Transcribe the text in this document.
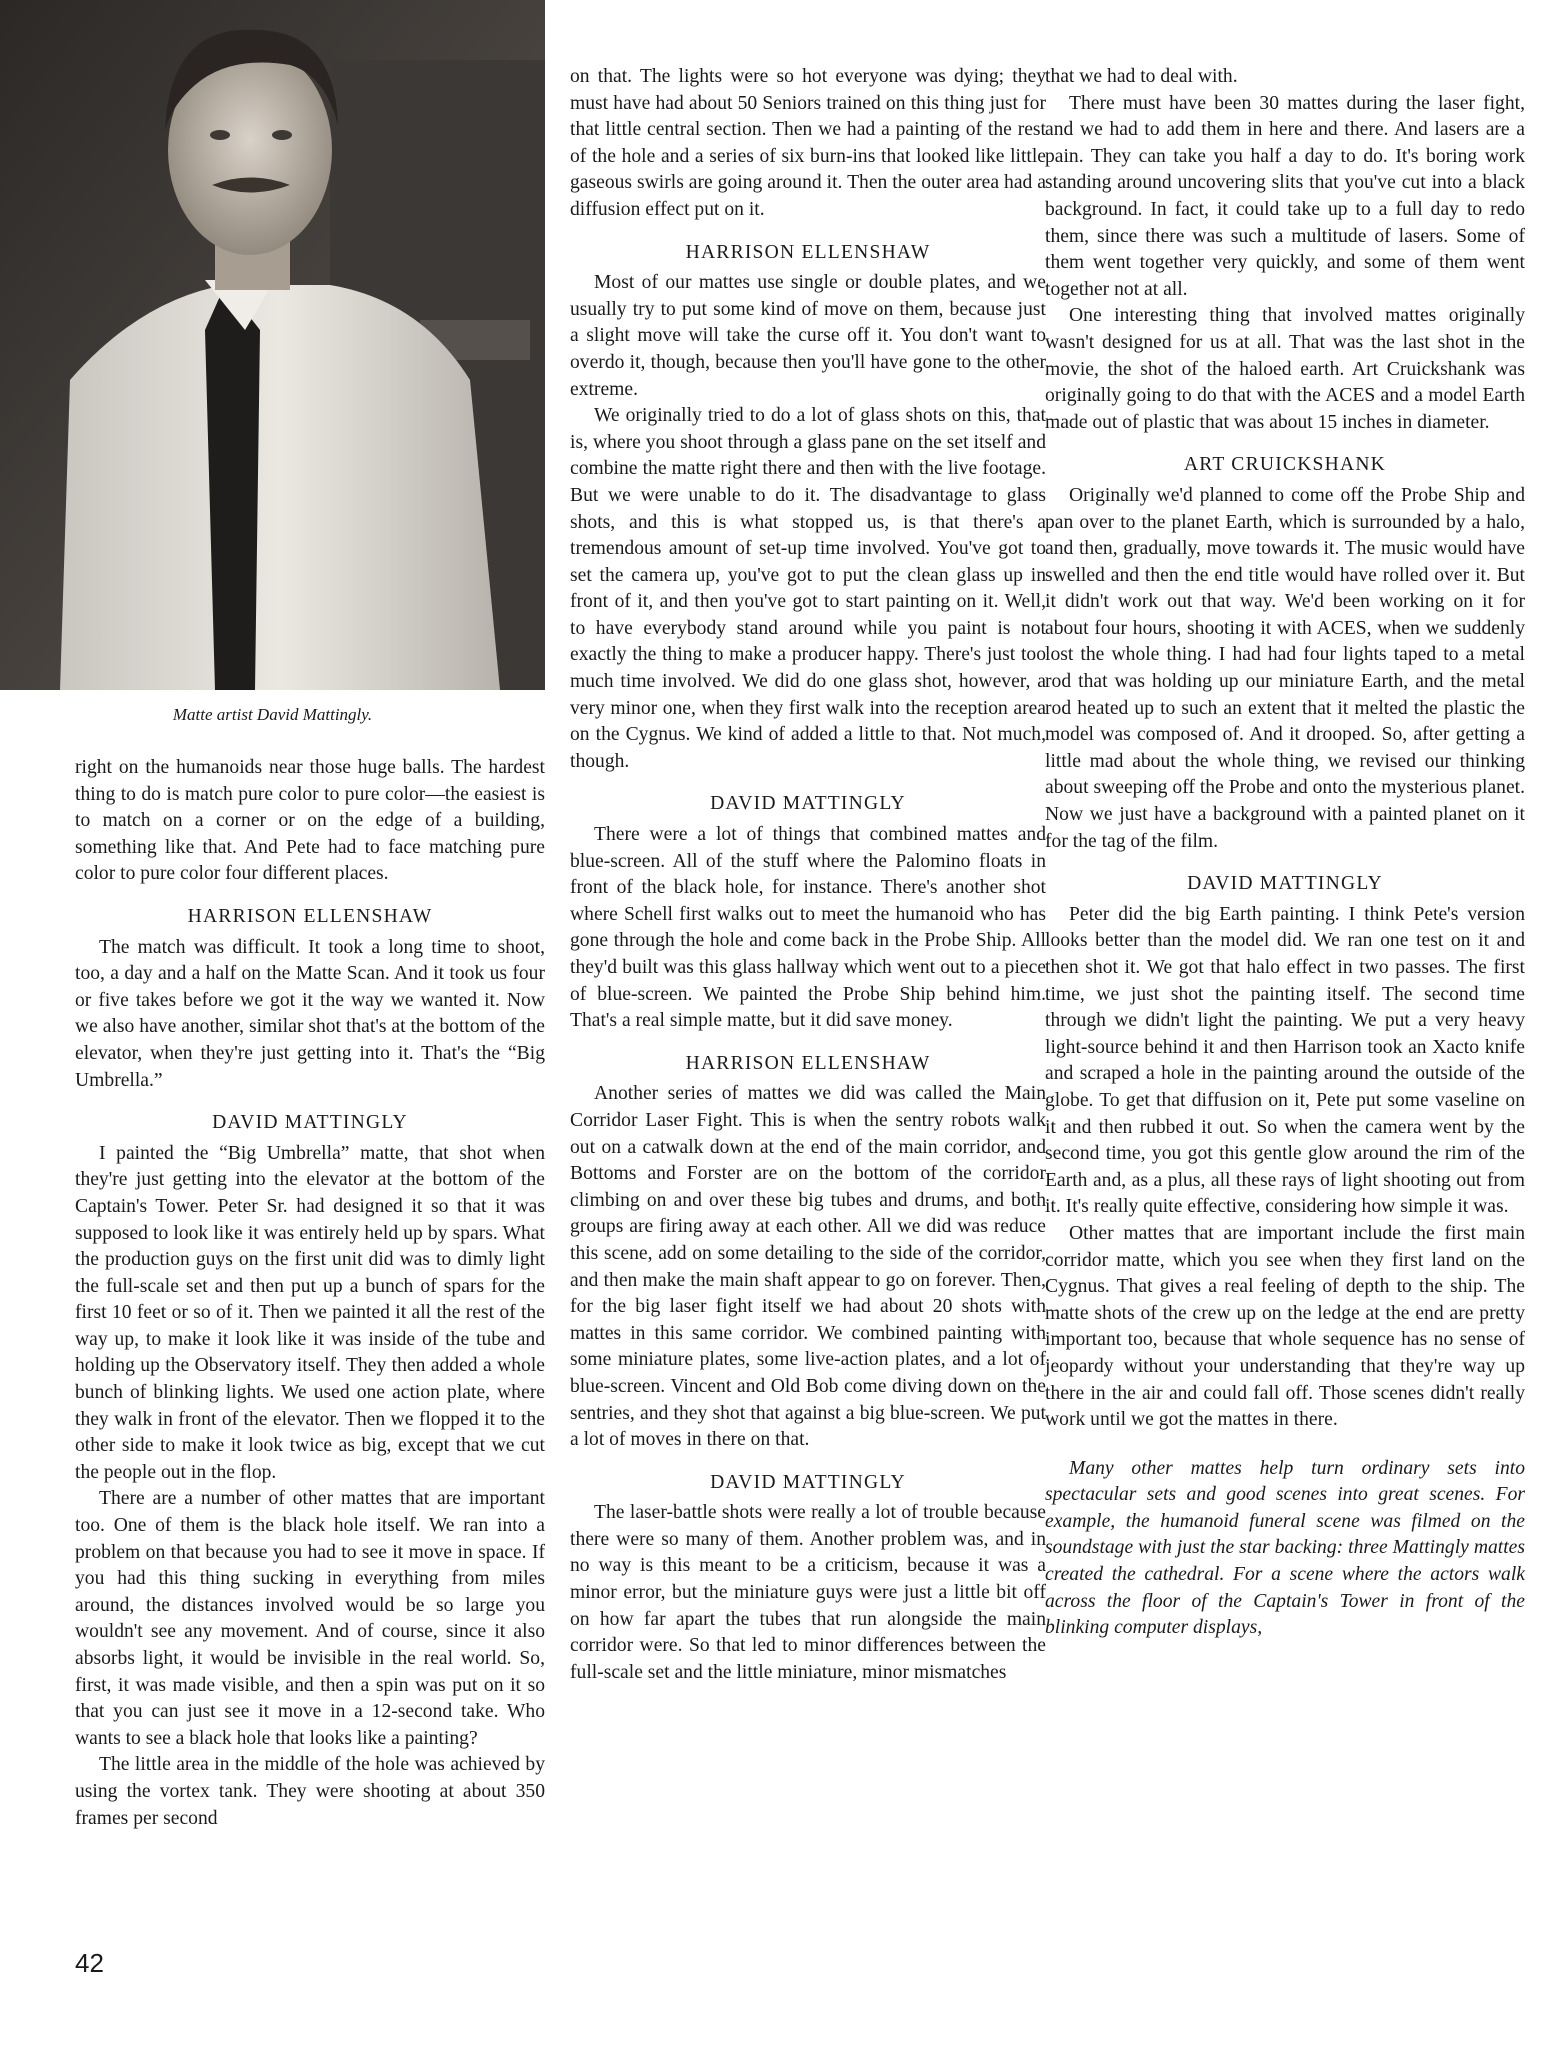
Matte artist David Mattingly.

right on the humanoids near those huge balls. The hardest thing to do is match pure color to pure color—the easiest is to match on a corner or on the edge of a building, something like that. And Pete had to face matching pure color to pure color four different places.

HARRISON ELLENSHAW

The match was difficult. It took a long time to shoot, too, a day and a half on the Matte Scan. And it took us four or five takes before we got it the way we wanted it. Now we also have another, similar shot that's at the bottom of the elevator, when they're just getting into it. That's the “Big Umbrella.”

DAVID MATTINGLY

I painted the “Big Umbrella” matte, that shot when they're just getting into the elevator at the bottom of the Captain's Tower. Peter Sr. had designed it so that it was supposed to look like it was entirely held up by spars. What the production guys on the first unit did was to dimly light the full-scale set and then put up a bunch of spars for the first 10 feet or so of it. Then we painted it all the rest of the way up, to make it look like it was inside of the tube and holding up the Observatory itself. They then added a whole bunch of blinking lights. We used one action plate, where they walk in front of the elevator. Then we flopped it to the other side to make it look twice as big, except that we cut the people out in the flop.

There are a number of other mattes that are important too. One of them is the black hole itself. We ran into a problem on that because you had to see it move in space. If you had this thing sucking in everything from miles around, the distances involved would be so large you wouldn't see any movement. And of course, since it also absorbs light, it would be invisible in the real world. So, first, it was made visible, and then a spin was put on it so that you can just see it move in a 12-second take. Who wants to see a black hole that looks like a painting?

The little area in the middle of the hole was achieved by using the vortex tank. They were shooting at about 350 frames per second

on that. The lights were so hot everyone was dying; they must have had about 50 Seniors trained on this thing just for that little central section. Then we had a painting of the rest of the hole and a series of six burn-ins that looked like little gaseous swirls are going around it. Then the outer area had a diffusion effect put on it.

HARRISON ELLENSHAW

Most of our mattes use single or double plates, and we usually try to put some kind of move on them, because just a slight move will take the curse off it. You don't want to overdo it, though, because then you'll have gone to the other extreme.

We originally tried to do a lot of glass shots on this, that is, where you shoot through a glass pane on the set itself and combine the matte right there and then with the live footage. But we were unable to do it. The disadvantage to glass shots, and this is what stopped us, is that there's a tremendous amount of set-up time involved. You've got to set the camera up, you've got to put the clean glass up in front of it, and then you've got to start painting on it. Well, to have everybody stand around while you paint is not exactly the thing to make a producer happy. There's just too much time involved. We did do one glass shot, however, a very minor one, when they first walk into the reception area on the Cygnus. We kind of added a little to that. Not much, though.

DAVID MATTINGLY

There were a lot of things that combined mattes and blue-screen. All of the stuff where the Palomino floats in front of the black hole, for instance. There's another shot where Schell first walks out to meet the humanoid who has gone through the hole and come back in the Probe Ship. All they'd built was this glass hallway which went out to a piece of blue-screen. We painted the Probe Ship behind him. That's a real simple matte, but it did save money.

HARRISON ELLENSHAW

Another series of mattes we did was called the Main Corridor Laser Fight. This is when the sentry robots walk out on a catwalk down at the end of the main corridor, and Bottoms and Forster are on the bottom of the corridor climbing on and over these big tubes and drums, and both groups are firing away at each other. All we did was reduce this scene, add on some detailing to the side of the corridor, and then make the main shaft appear to go on forever. Then, for the big laser fight itself we had about 20 shots with mattes in this same corridor. We combined painting with some miniature plates, some live-action plates, and a lot of blue-screen. Vincent and Old Bob come diving down on the sentries, and they shot that against a big blue-screen. We put a lot of moves in there on that.

DAVID MATTINGLY

The laser-battle shots were really a lot of trouble because there were so many of them. Another problem was, and in no way is this meant to be a criticism, because it was a minor error, but the miniature guys were just a little bit off on how far apart the tubes that run alongside the main corridor were. So that led to minor differences between the full-scale set and the little miniature, minor mismatches

that we had to deal with.

There must have been 30 mattes during the laser fight, and we had to add them in here and there. And lasers are a pain. They can take you half a day to do. It's boring work standing around uncovering slits that you've cut into a black background. In fact, it could take up to a full day to redo them, since there was such a multitude of lasers. Some of them went together very quickly, and some of them went together not at all.

One interesting thing that involved mattes originally wasn't designed for us at all. That was the last shot in the movie, the shot of the haloed earth. Art Cruickshank was originally going to do that with the ACES and a model Earth made out of plastic that was about 15 inches in diameter.

ART CRUICKSHANK

Originally we'd planned to come off the Probe Ship and pan over to the planet Earth, which is surrounded by a halo, and then, gradually, move towards it. The music would have swelled and then the end title would have rolled over it. But it didn't work out that way. We'd been working on it for about four hours, shooting it with ACES, when we suddenly lost the whole thing. I had had four lights taped to a metal rod that was holding up our miniature Earth, and the metal rod heated up to such an extent that it melted the plastic the model was composed of. And it drooped. So, after getting a little mad about the whole thing, we revised our thinking about sweeping off the Probe and onto the mysterious planet. Now we just have a background with a painted planet on it for the tag of the film.

DAVID MATTINGLY

Peter did the big Earth painting. I think Pete's version looks better than the model did. We ran one test on it and then shot it. We got that halo effect in two passes. The first time, we just shot the painting itself. The second time through we didn't light the painting. We put a very heavy light-source behind it and then Harrison took an Xacto knife and scraped a hole in the painting around the outside of the globe. To get that diffusion on it, Pete put some vaseline on it and then rubbed it out. So when the camera went by the second time, you got this gentle glow around the rim of the Earth and, as a plus, all these rays of light shooting out from it. It's really quite effective, considering how simple it was.

Other mattes that are important include the first main corridor matte, which you see when they first land on the Cygnus. That gives a real feeling of depth to the ship. The matte shots of the crew up on the ledge at the end are pretty important too, because that whole sequence has no sense of jeopardy without your understanding that they're way up there in the air and could fall off. Those scenes didn't really work until we got the mattes in there.

Many other mattes help turn ordinary sets into spectacular sets and good scenes into great scenes. For example, the humanoid funeral scene was filmed on the soundstage with just the star backing: three Mattingly mattes created the cathedral. For a scene where the actors walk across the floor of the Captain's Tower in front of the blinking computer displays,

42
